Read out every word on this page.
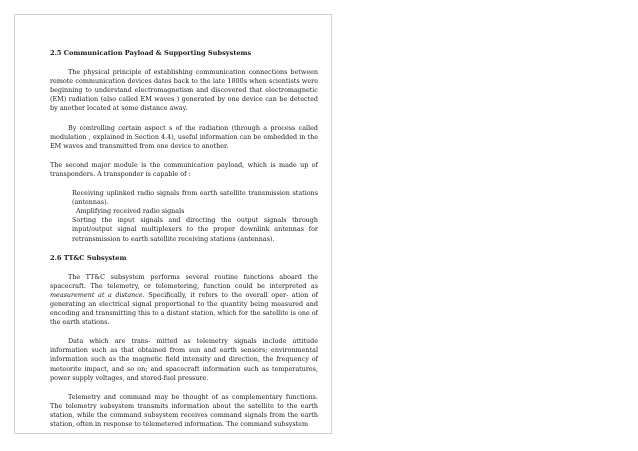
2.5 Communication Payload & Supporting Subsystems
The physical principle of establishing communication connections between remote communication devices dates back to the late 1800s when scientists were beginning to understand electromagnetism and discovered that electromagnetic (EM) radiation (also called EM waves ) generated by one device can be detected by another located at some distance away.
By controlling certain aspect s of the radiation (through a process called modulation , explained in Section 4.4), useful information can be embedded in the EM waves and transmitted from one device to another.
The second major module is the communication payload, which is made up of transponders. A transponder is capable of :
Receiving uplinked radio signals from earth satellite transmission stations (antennas).
Amplifying received radio signals
Sorting the input signals and directing the output signals through input/output signal multiplexers to the proper downlink antennas for retransmission to earth satellite receiving stations (antennas).
2.6 TT&C Subsystem
The TT&C subsystem performs several routine functions aboard the spacecraft. The telemetry, or telemetering, function could be interpreted as measurement at a distance. Specifically, it refers to the overall oper- ation of generating an electrical signal proportional to the quantity being measured and encoding and transmitting this to a distant station, which for the satellite is one of the earth stations.
Data which are trans- mitted as telemetry signals include attitude information such as that obtained from sun and earth sensors; environmental information such as the magnetic field intensity and direction, the frequency of meteorite impact, and so on; and spacecraft information such as temperatures, power supply voltages, and stored-fuel pressure.
Telemetry and command may be thought of as complementary functions. The telemetry subsystem transmits information about the satellite to the earth station, while the command subsystem receives command signals from the earth station, often in response to telemetered information. The command subsystem
